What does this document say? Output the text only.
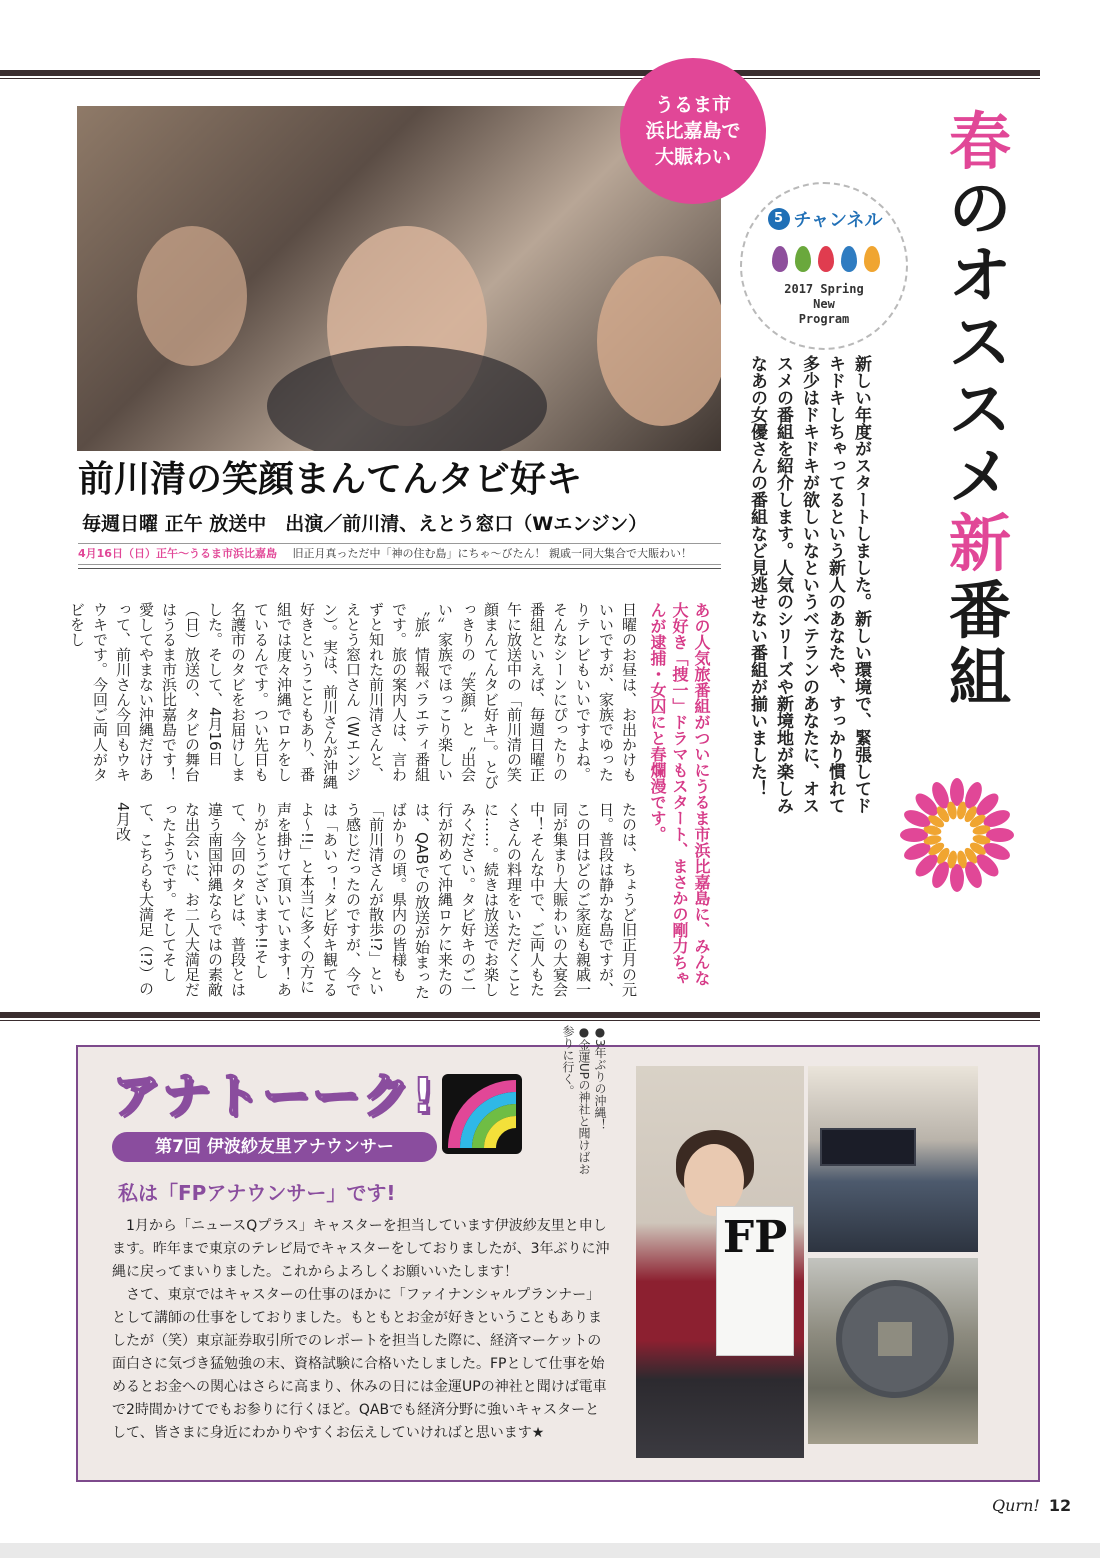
うるま市
浜比嘉島で
大賑わい
5 チャンネル
2017 Spring
New
Program
春
の
オ
ス
ス
メ
新
番
組
新しい年度がスタートしました。新しい環境で、緊張してドキドキしちゃってるという新人のあなたや、すっかり慣れて多少はドキドキが欲しいなというベテランのあなたに、オススメの番組を紹介します。人気のシリーズや新境地が楽しみなあの女優さんの番組など見逃せない番組が揃いました！
前川清の笑顔まんてんタビ好キ
毎週日曜 正午 放送中　出演／前川清、えとう窓口（Wエンジン）
4月16日（日）正午～うるま市浜比嘉島 旧正月真っただ中「神の住む島」にちゃ～びたん！ 親戚一同大集合で大賑わい！
あの人気旅番組がついにうるま市浜比嘉島に、みんな大好き「捜一」ドラマもスタート、まさかの剛力ちゃんが逮捕・女囚にと春爛漫です。
日曜のお昼は、お出かけもいいですが、家族でゆったりテレビもいいですよね。そんなシーンにぴったりの番組といえば、毎週日曜正午に放送中の「前川清の笑顔まんてんタビ好キ」。とびっきりの〝笑顔〟と〝出会い〟家族でほっこり楽しい〝旅〟情報バラエティ番組です。旅の案内人は、言わずと知れた前川清さんと、えとう窓口さん（Wエンジン）。実は、前川さんが沖縄好きということもあり、番組では度々沖縄でロケをしているんです。つい先日も名護市のタビをお届けしました。そして、4月16日（日）放送の、タビの舞台はうるま市浜比嘉島です！愛してやまない沖縄だけあって、前川さん今回もウキウキです。今回ご両人がタビをし
たのは、ちょうど旧正月の元日。普段は静かな島ですが、この日はどのご家庭も親戚一同が集まり大賑わいの大宴会中！そんな中で、ご両人もたくさんの料理をいただくことに……。続きは放送でお楽しみください。タビ好キのご一行が初めて沖縄ロケに来たのは、QABでの放送が始まったばかりの頃。県内の皆様も「前川清さんが散歩!?」という感じだったのですが、今では「あいっ！タビ好キ観てるよ～!!」と本当に多くの方に声を掛けて頂いています！ありがとうございます!!そして、今回のタビは、普段とは違う南国沖縄ならではの素敵な出会いに、お二人大満足だったようです。そしてそして、こちらも大満足（!?）の4月改
アナトーーク!
第7回 伊波紗友里アナウンサー
私は「FPアナウンサー」です!

1月から「ニュースQプラス」キャスターを担当しています伊波紗友里と申します。昨年まで東京のテレビ局でキャスターをしておりましたが、3年ぶりに沖縄に戻ってまいりました。これからよろしくお願いいたします！

さて、東京ではキャスターの仕事のほかに「ファイナンシャルプランナー」として講師の仕事をしておりました。もともとお金が好きということもありましたが（笑）東京証券取引所でのレポートを担当した際に、経済マーケットの面白さに気づき猛勉強の末、資格試験に合格いたしました。FPとして仕事を始めるとお金への関心はさらに高まり、休みの日には金運UPの神社と聞けば電車で2時間かけてでもお参りに行くほど。QABでも経済分野に強いキャスターとして、皆さまに身近にわかりやすくお伝えしていければと思います★

●3年ぶりの沖縄！
●金運UPの神社と聞けばお参りに行く。
FP
Qurn! 12
